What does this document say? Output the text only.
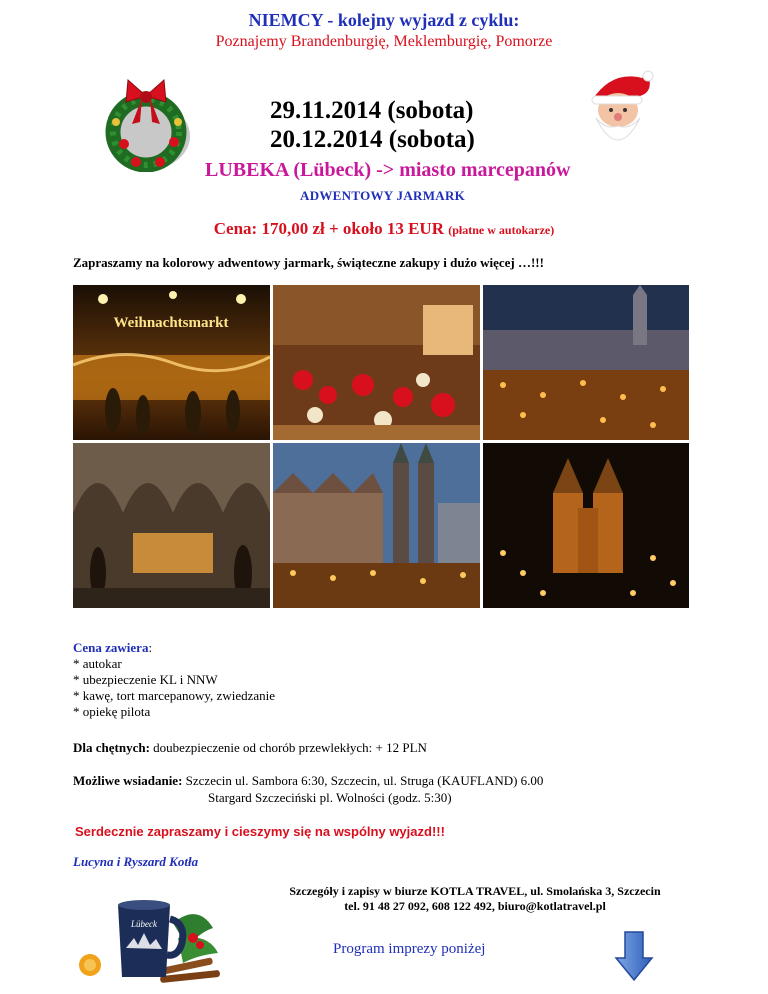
NIEMCY - kolejny wyjazd z cyklu:
Poznajemy Brandenburgię, Meklemburgię, Pomorze
29.11.2014 (sobota)
20.12.2014 (sobota)
LUBEKA (Lübeck) -> miasto marcepanów
ADWENTOWY JARMARK
Cena: 170,00 zł + około 13 EUR (płatne w autokarze)
Zapraszamy na kolorowy adwentowy jarmark, świąteczne zakupy i dużo więcej …!!!
Weihnachtsmarkt
Cena zawiera:
* autokar
* ubezpieczenie KL i NNW
* kawę, tort marcepanowy, zwiedzanie
* opiekę pilota
Dla chętnych: doubezpieczenie od chorób przewlekłych: + 12 PLN
Możliwe wsiadanie: Szczecin ul. Sambora 6:30, Szczecin, ul. Struga (KAUFLAND) 6.00
Stargard Szczeciński pl. Wolności (godz. 5:30)
Serdecznie zapraszamy i cieszymy się na wspólny wyjazd!!!
Lucyna i Ryszard Kotła
Lübeck
Szczegóły i zapisy w biurze KOTLA TRAVEL, ul. Smolańska 3, Szczecin
tel. 91 48 27 092, 608 122 492, biuro@kotlatravel.pl
Program imprezy poniżej
